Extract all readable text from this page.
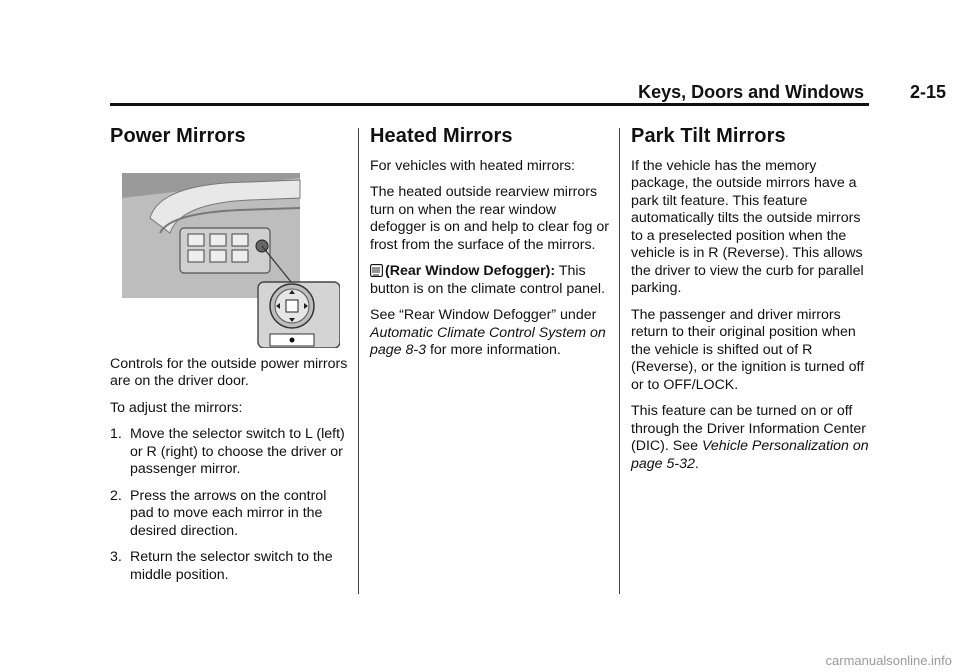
Keys, Doors and Windows	2-15
Power Mirrors

Controls for the outside power mirrors are on the driver door.

To adjust the mirrors:

1. Move the selector switch to L (left) or R (right) to choose the driver or passenger mirror.
2. Press the arrows on the control pad to move each mirror in the desired direction.
3. Return the selector switch to the middle position.
Heated Mirrors

For vehicles with heated mirrors:

The heated outside rearview mirrors turn on when the rear window defogger is on and help to clear fog or frost from the surface of the mirrors.

(Rear Window Defogger): This button is on the climate control panel.

See “Rear Window Defogger” under Automatic Climate Control System on page 8-3 for more information.

Park Tilt Mirrors

If the vehicle has the memory package, the outside mirrors have a park tilt feature. This feature automatically tilts the outside mirrors to a preselected position when the vehicle is in R (Reverse). This allows the driver to view the curb for parallel parking.

The passenger and driver mirrors return to their original position when the vehicle is shifted out of R (Reverse), or the ignition is turned off or to OFF/LOCK.

This feature can be turned on or off through the Driver Information Center (DIC). See Vehicle Personalization on page 5-32.

carmanualsonline.info
